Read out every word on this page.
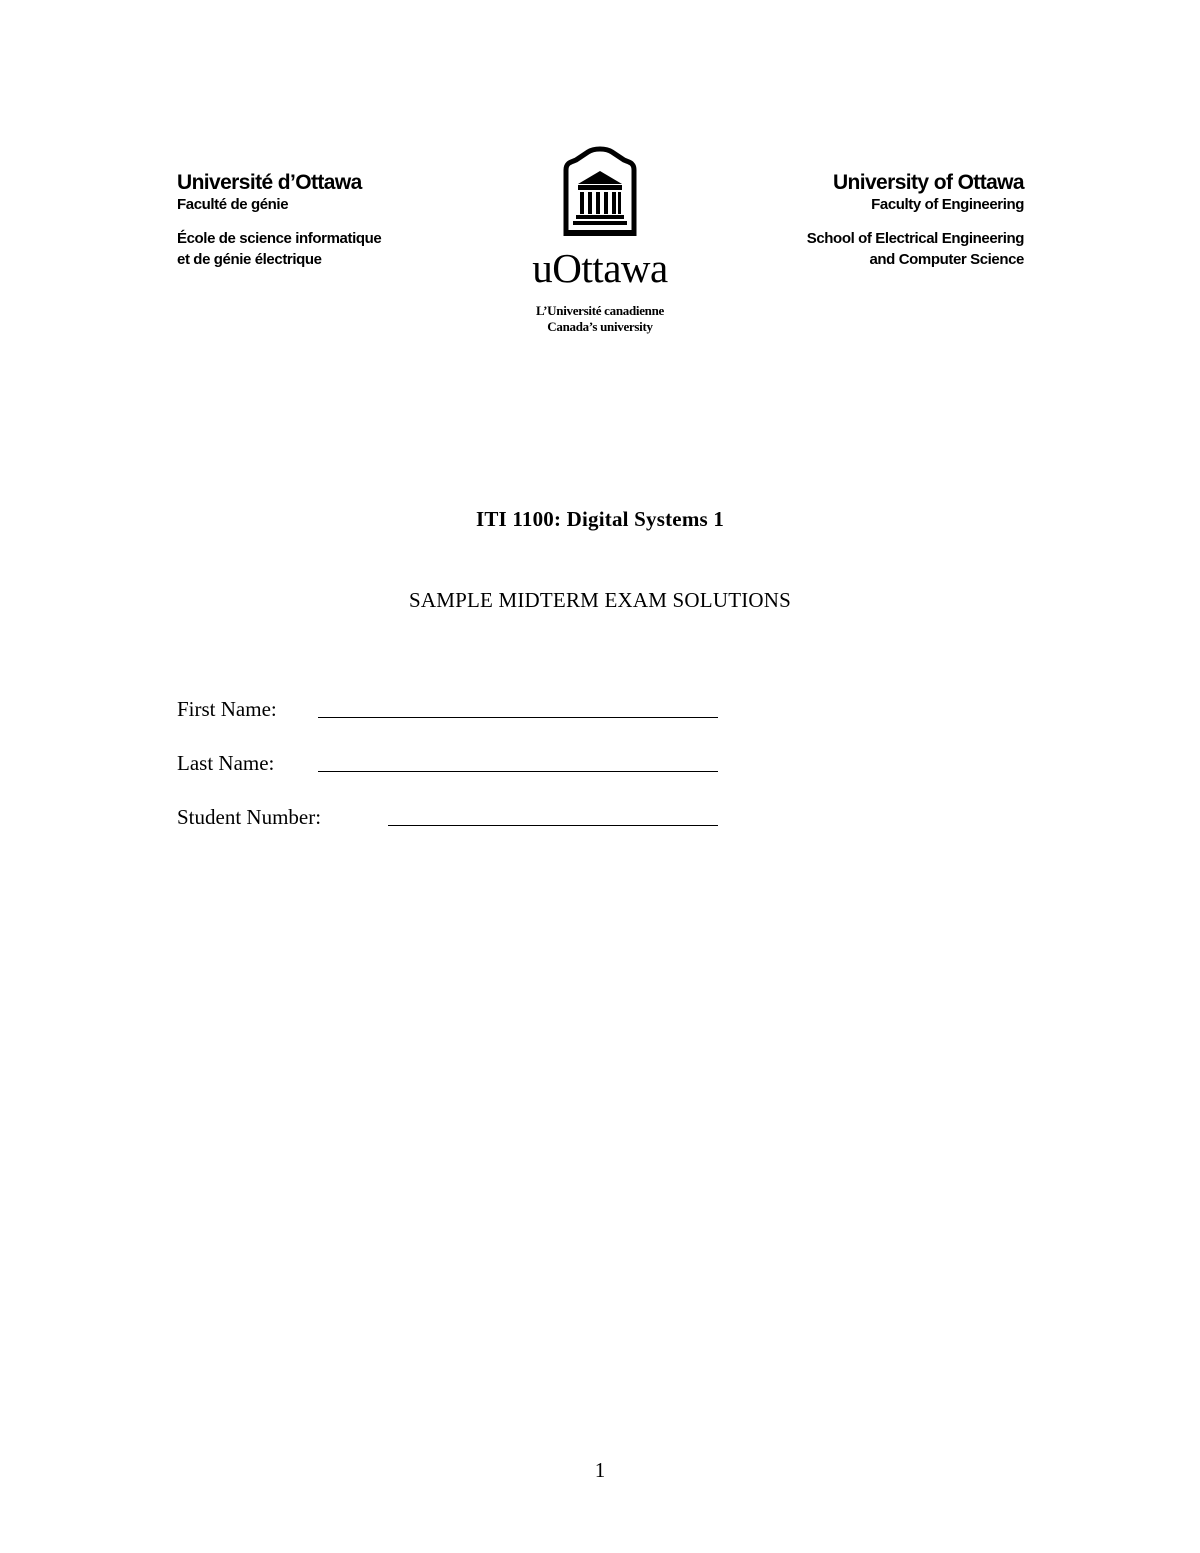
Université d’Ottawa
Faculté de génie
École de science informatique
et de génie électrique	uOttawa
L’Université canadienne
Canada’s university
University of Ottawa
Faculty of Engineering
School of Electrical Engineering
and Computer Science
ITI 1100: Digital Systems 1
SAMPLE MIDTERM EXAM SOLUTIONS
First Name:
Last Name:
Student Number:
1
